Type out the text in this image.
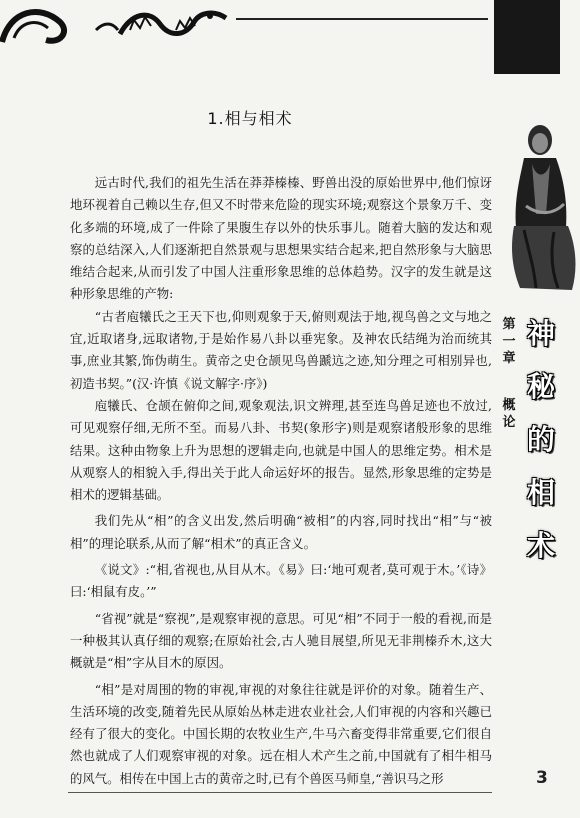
1.相与相术

远古时代,我们的祖先生活在莽莽榛榛、野兽出没的原始世界中,他们惊讶地环视着自己赖以生存,但又不时带来危险的现实环境;观察这个景象万千、变化多端的环境,成了一件除了果腹生存以外的快乐事儿。随着大脑的发达和观察的总结深入,人们逐渐把自然景观与思想果实结合起来,把自然形象与大脑思维结合起来,从而引发了中国人注重形象思维的总体趋势。汉字的发生就是这种形象思维的产物:

“古者庖犧氏之王天下也,仰则观象于天,俯则观法于地,视鸟兽之文与地之宜,近取诸身,远取诸物,于是始作易八卦以垂宪象。及神农氏结绳为治而统其事,庶业其繁,饰伪萌生。黄帝之史仓颉见鸟兽蹏迒之迹,知分理之可相别异也,初造书契。”(汉·许慎《说文解字·序》)

庖犧氏、仓颉在俯仰之间,观象观法,识文辨理,甚至连鸟兽足迹也不放过,可见观察仔细,无所不至。而易八卦、书契(象形字)则是观察诸般形象的思维结果。这种由物象上升为思想的逻辑走向,也就是中国人的思维定势。相术是从观察人的相貌入手,得出关于此人命运好坏的报告。显然,形象思维的定势是相术的逻辑基础。

我们先从“相”的含义出发,然后明确“被相”的内容,同时找出“相”与“被相”的理论联系,从而了解“相术”的真正含义。

《说文》:“相,省视也,从目从木。《易》曰:‘地可观者,莫可观于木。’《诗》曰:‘相鼠有皮。’”

“省视”就是“察视”,是观察审视的意思。可见“相”不同于一般的看视,而是一种极其认真仔细的观察;在原始社会,古人驰目展望,所见无非荆榛乔木,这大概就是“相”字从目木的原因。

“相”是对周围的物的审视,审视的对象往往就是评价的对象。随着生产、生活环境的改变,随着先民从原始丛林走进农业社会,人们审视的内容和兴趣已经有了很大的变化。中国长期的农牧业生产,牛马六畜变得非常重要,它们很自然也就成了人们观察审视的对象。远在相人术产生之前,中国就有了相牛相马的风气。相传在中国上古的黄帝之时,已有个兽医马师皇,“善识马之形

第
一
章
概
论
神
秘
的
相
术
3
